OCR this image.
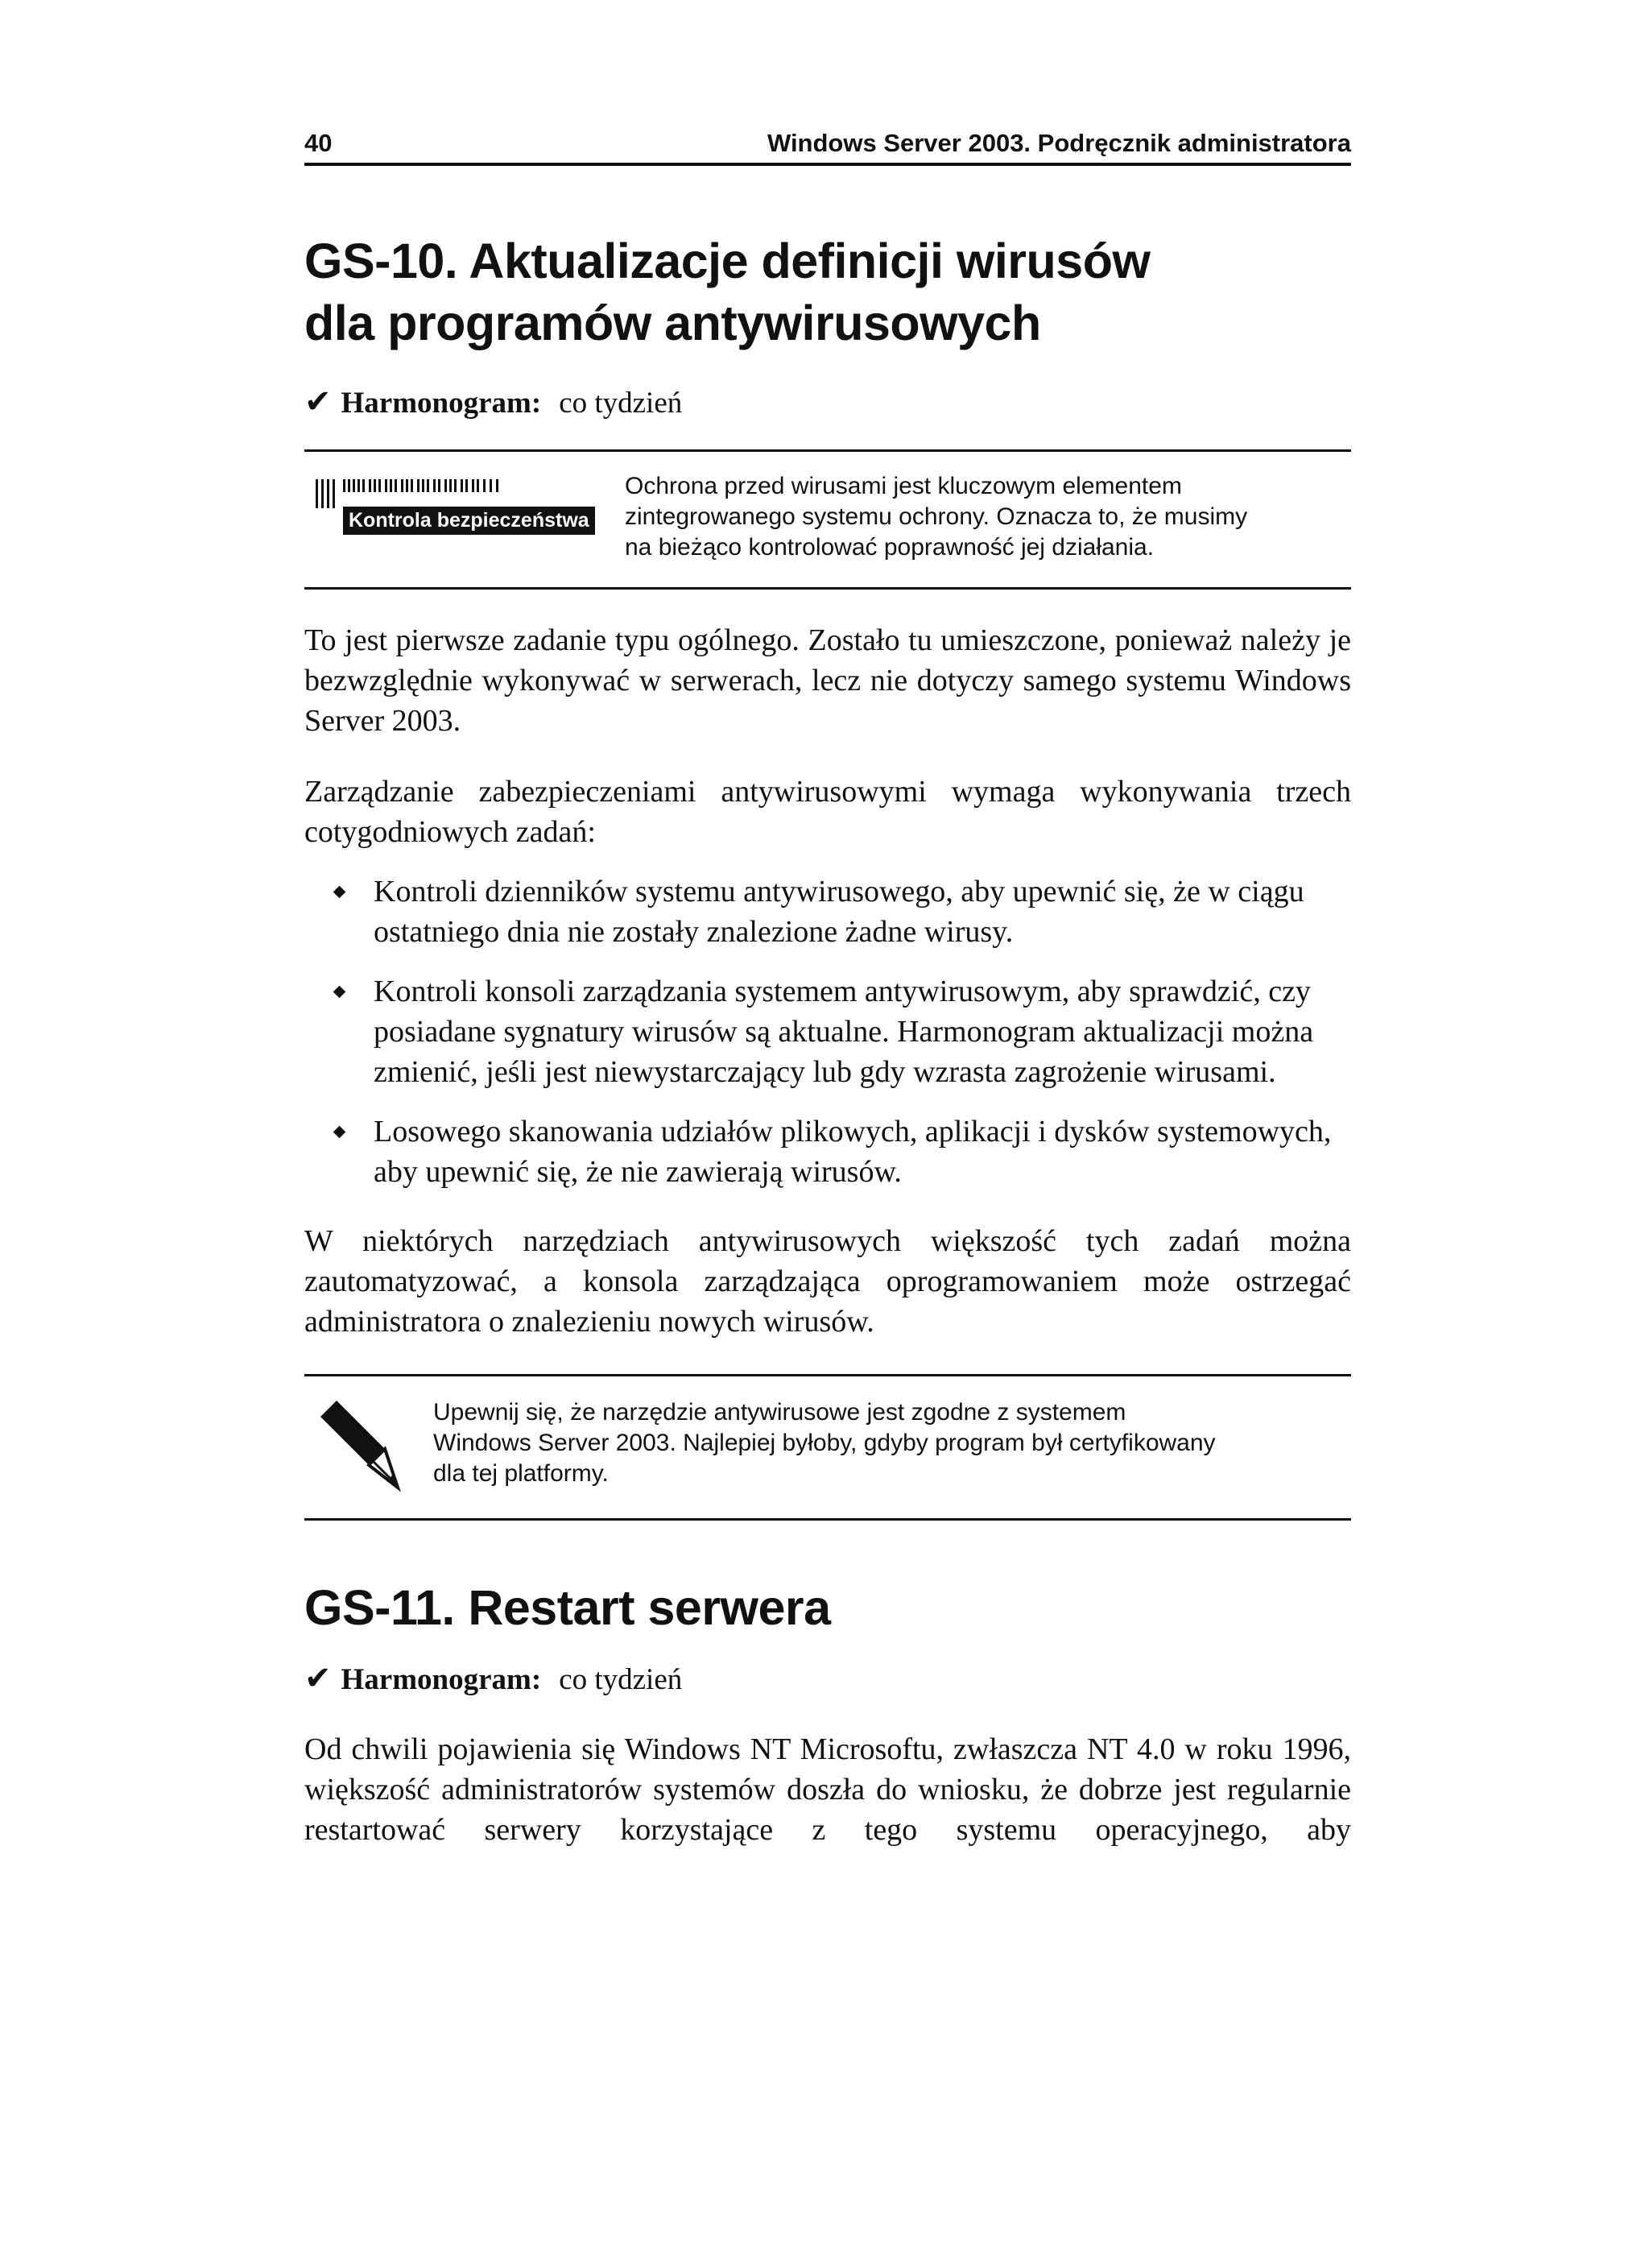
40	Windows Server 2003. Podręcznik administratora
GS-10. Aktualizacje definicji wirusów
dla programów antywirusowych
✔ Harmonogram: co tydzień
Kontrola bezpieczeństwa
Ochrona przed wirusami jest kluczowym elementem
zintegrowanego systemu ochrony. Oznacza to, że musimy
na bieżąco kontrolować poprawność jej działania.

To jest pierwsze zadanie typu ogólnego. Zostało tu umieszczone, ponieważ należy je bezwzględnie wykonywać w serwerach, lecz nie dotyczy samego systemu Windows Server 2003.

Zarządzanie zabezpieczeniami antywirusowymi wymaga wykonywania trzech cotygodniowych zadań:

Kontroli dzienników systemu antywirusowego, aby upewnić się, że w ciągu ostatniego dnia nie zostały znalezione żadne wirusy.
Kontroli konsoli zarządzania systemem antywirusowym, aby sprawdzić, czy posiadane sygnatury wirusów są aktualne. Harmonogram aktualizacji można zmienić, jeśli jest niewystarczający lub gdy wzrasta zagrożenie wirusami.
Losowego skanowania udziałów plikowych, aplikacji i dysków systemowych, aby upewnić się, że nie zawierają wirusów.

W niektórych narzędziach antywirusowych większość tych zadań można zautomatyzować, a konsola zarządzająca oprogramowaniem może ostrzegać administratora o znalezieniu nowych wirusów.

Upewnij się, że narzędzie antywirusowe jest zgodne z systemem
Windows Server 2003. Najlepiej byłoby, gdyby program był certyfikowany
dla tej platformy.
GS-11. Restart serwera
✔ Harmonogram: co tydzień

Od chwili pojawienia się Windows NT Microsoftu, zwłaszcza NT 4.0 w roku 1996, większość administratorów systemów doszła do wniosku, że dobrze jest regularnie restartować serwery korzystające z tego systemu operacyjnego, aby
